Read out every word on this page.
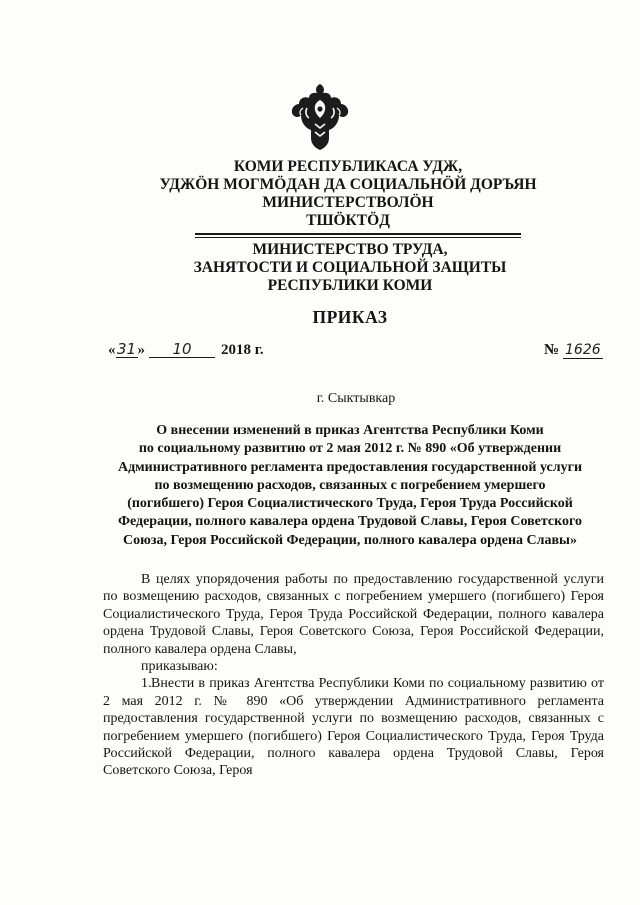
КОМИ РЕСПУБЛИКАСА УДЖ,
УДЖÖН МОГМÖДАН ДА СОЦИАЛЬНÖЙ ДОРЪЯН
МИНИСТЕРСТВОЛÖН
ТШÖКТÖД
МИНИСТЕРСТВО ТРУДА,
ЗАНЯТОСТИ И СОЦИАЛЬНОЙ ЗАЩИТЫ
РЕСПУБЛИКИ КОМИ
ПРИКАЗ
«31» 10 2018 г.	№ 1626
г. Сыктывкар
О внесении изменений в приказ Агентства Республики Коми
по социальному развитию от 2 мая 2012 г. № 890 «Об утверждении
Административного регламента предоставления государственной услуги
по возмещению расходов, связанных с погребением умершего
(погибшего) Героя Социалистического Труда, Героя Труда Российской
Федерации, полного кавалера ордена Трудовой Славы, Героя Советского
Союза, Героя Российской Федерации, полного кавалера ордена Славы»

В целях упорядочения работы по предоставлению государственной услуги по возмещению расходов, связанных с погребением умершего (погибшего) Героя Социалистического Труда, Героя Труда Российской Федерации, полного кавалера ордена Трудовой Славы, Героя Советского Союза, Героя Российской Федерации, полного кавалера ордена Славы,

приказываю:

1.Внести в приказ Агентства Республики Коми по социальному развитию от 2 мая 2012 г. № 890 «Об утверждении Административного регламента предоставления государственной услуги по возмещению расходов, связанных с погребением умершего (погибшего) Героя Социалистического Труда, Героя Труда Российской Федерации, полного кавалера ордена Трудовой Славы, Героя Советского Союза, Героя
